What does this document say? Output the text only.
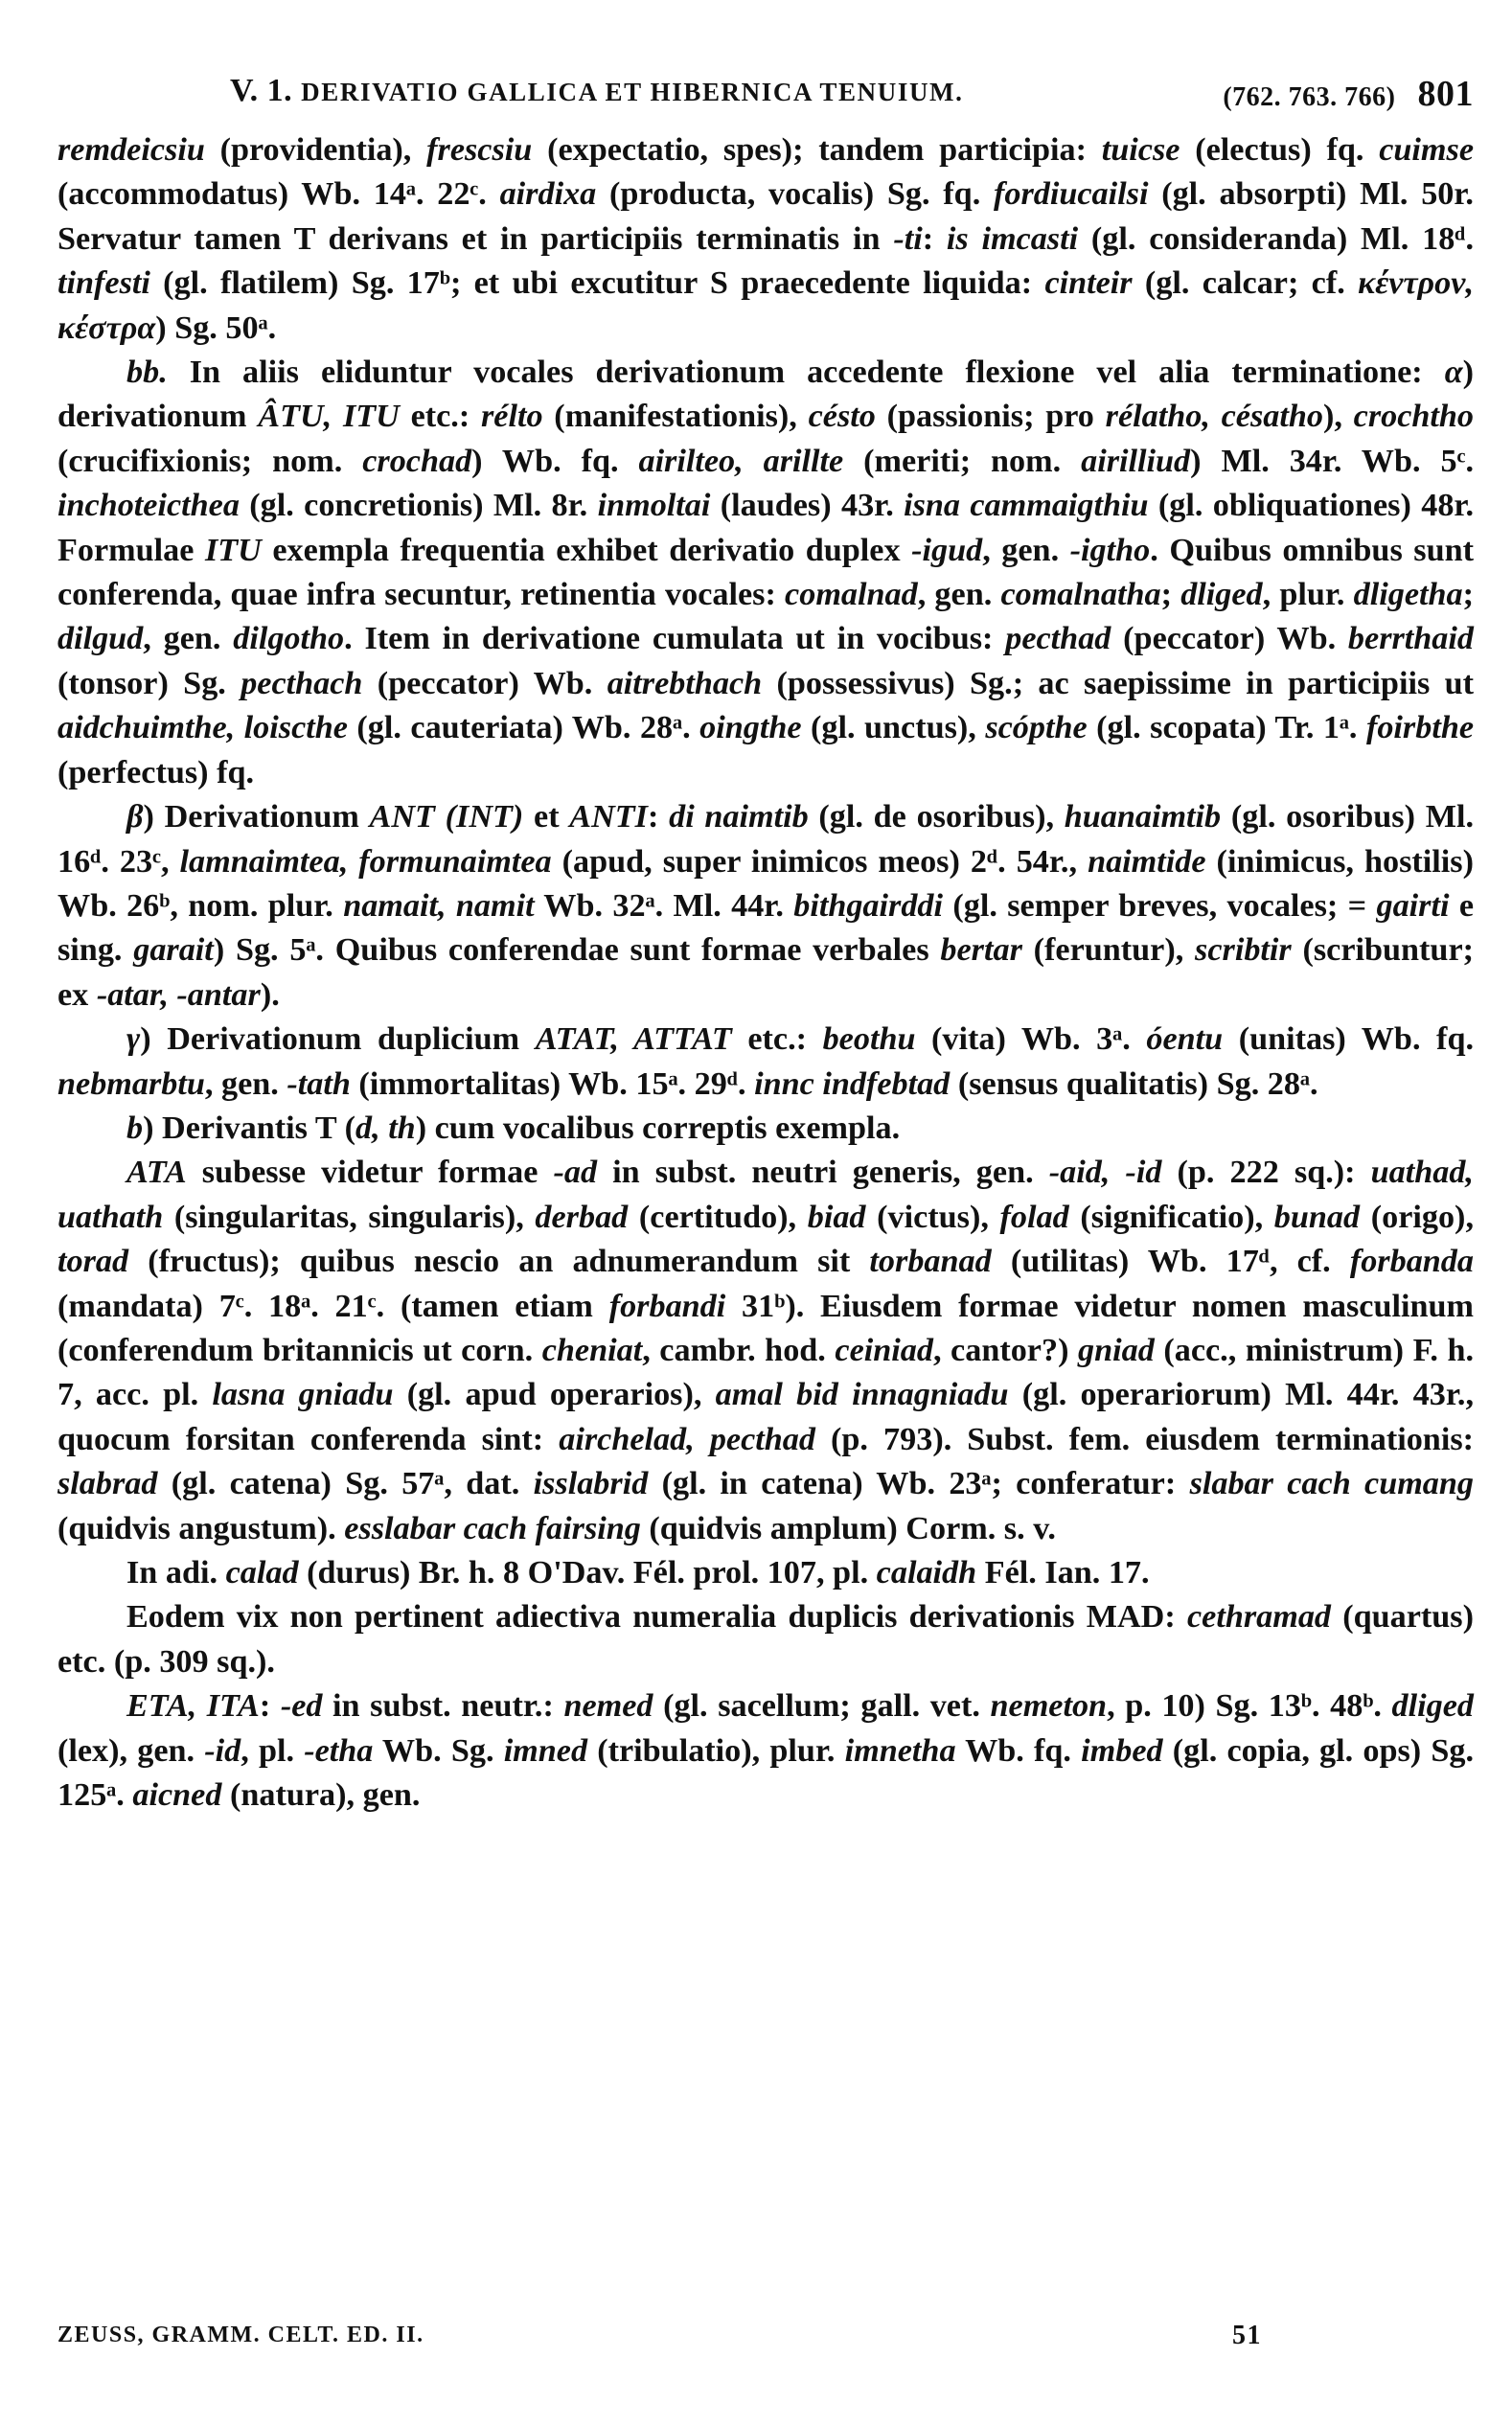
V. 1. DERIVATIO GALLICA ET HIBERNICA TENUIUM.	(762. 763. 766) 801

remdeicsiu (providentia), frescsiu (expectatio, spes); tandem participia: tuicse (electus) fq. cuimse (accommodatus) Wb. 14ᵃ. 22ᶜ. airdixa (producta, vocalis) Sg. fq. fordiucailsi (gl. absorpti) Ml. 50r. Servatur tamen T derivans et in participiis terminatis in -ti: is imcasti (gl. consideranda) Ml. 18ᵈ. tinfesti (gl. flatilem) Sg. 17ᵇ; et ubi excutitur S praecedente liquida: cinteir (gl. calcar; cf. κέντρον, κέστρα) Sg. 50ᵃ.

bb. In aliis eliduntur vocales derivationum accedente flexione vel alia terminatione: α) derivationum ÂTU, ITU etc.: rélto (manifestationis), césto (passionis; pro rélatho, césatho), crochtho (crucifixionis; nom. crochad) Wb. fq. airilteo, arillte (meriti; nom. airilliud) Ml. 34r. Wb. 5ᶜ. inchoteicthea (gl. concretionis) Ml. 8r. inmoltai (laudes) 43r. isna cammaigthiu (gl. obliquationes) 48r. Formulae ITU exempla frequentia exhibet derivatio duplex -igud, gen. -igtho. Quibus omnibus sunt conferenda, quae infra secuntur, retinentia vocales: comalnad, gen. comalnatha; dliged, plur. dligetha; dilgud, gen. dilgotho. Item in derivatione cumulata ut in vocibus: pecthad (peccator) Wb. berrthaid (tonsor) Sg. pecthach (peccator) Wb. aitrebthach (possessivus) Sg.; ac saepissime in participiis ut aidchuimthe, loiscthe (gl. cauteriata) Wb. 28ᵃ. oingthe (gl. unctus), scópthe (gl. scopata) Tr. 1ᵃ. foirbthe (perfectus) fq.

β) Derivationum ANT (INT) et ANTI: di naimtib (gl. de osoribus), huanaimtib (gl. osoribus) Ml. 16ᵈ. 23ᶜ, lamnaimtea, formunaimtea (apud, super inimicos meos) 2ᵈ. 54r., naimtide (inimicus, hostilis) Wb. 26ᵇ, nom. plur. namait, namit Wb. 32ᵃ. Ml. 44r. bithgairddi (gl. semper breves, vocales; = gairti e sing. garait) Sg. 5ᵃ. Quibus conferendae sunt formae verbales bertar (feruntur), scribtir (scribuntur; ex -atar, -antar).

γ) Derivationum duplicium ATAT, ATTAT etc.: beothu (vita) Wb. 3ᵃ. óentu (unitas) Wb. fq. nebmarbtu, gen. -tath (immortalitas) Wb. 15ᵃ. 29ᵈ. innc indfebtad (sensus qualitatis) Sg. 28ᵃ.

b) Derivantis T (d, th) cum vocalibus correptis exempla.

ATA subesse videtur formae -ad in subst. neutri generis, gen. -aid, -id (p. 222 sq.): uathad, uathath (singularitas, singularis), derbad (certitudo), biad (victus), folad (significatio), bunad (origo), torad (fructus); quibus nescio an adnumerandum sit torbanad (utilitas) Wb. 17ᵈ, cf. forbanda (mandata) 7ᶜ. 18ᵃ. 21ᶜ. (tamen etiam forbandi 31ᵇ). Eiusdem formae videtur nomen masculinum (conferendum britannicis ut corn. cheniat, cambr. hod. ceiniad, cantor?) gniad (acc., ministrum) F. h. 7, acc. pl. lasna gniadu (gl. apud operarios), amal bid innagniadu (gl. operariorum) Ml. 44r. 43r., quocum forsitan conferenda sint: airchelad, pecthad (p. 793). Subst. fem. eiusdem terminationis: slabrad (gl. catena) Sg. 57ᵃ, dat. isslabrid (gl. in catena) Wb. 23ᵃ; conferatur: slabar cach cumang (quidvis angustum). esslabar cach fairsing (quidvis amplum) Corm. s. v.

In adi. calad (durus) Br. h. 8 O'Dav. Fél. prol. 107, pl. calaidh Fél. Ian. 17.

Eodem vix non pertinent adiectiva numeralia duplicis derivationis MAD: cethramad (quartus) etc. (p. 309 sq.).

ETA, ITA: -ed in subst. neutr.: nemed (gl. sacellum; gall. vet. nemeton, p. 10) Sg. 13ᵇ. 48ᵇ. dliged (lex), gen. -id, pl. -etha Wb. Sg. imned (tribulatio), plur. imnetha Wb. fq. imbed (gl. copia, gl. ops) Sg. 125ᵃ. aicned (natura), gen.

ZEUSS, GRAMM. CELT. ED. II.	51
